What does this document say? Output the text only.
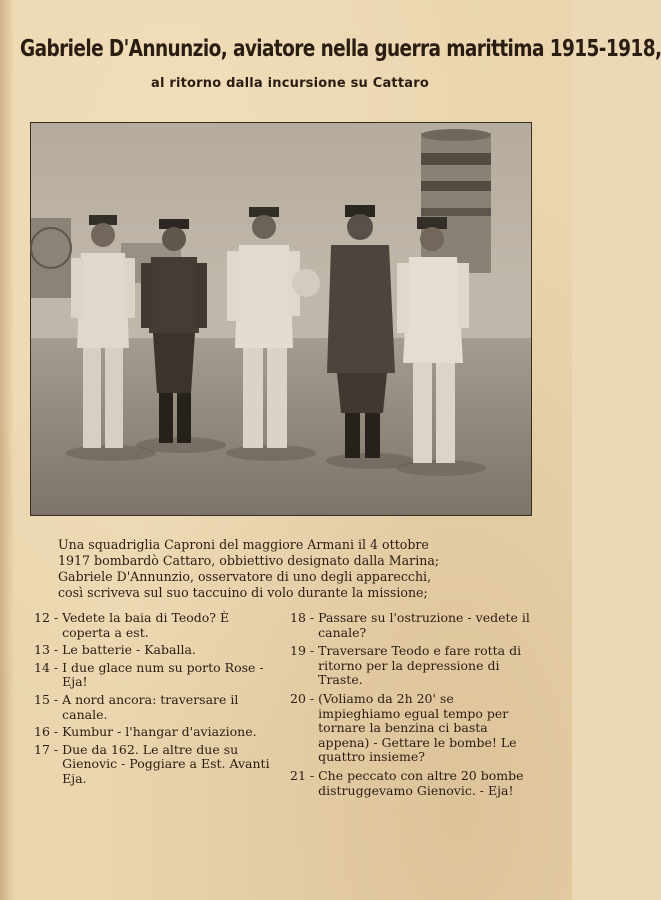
Gabriele D'Annunzio, aviatore nella guerra marittima 1915-1918,
al ritorno dalla incursione su Cattaro
Una squadriglia Caproni del maggiore Armani il 4 ottobre
1917 bombardò Cattaro, obbiettivo designato dalla Marina;
Gabriele D'Annunzio, osservatore di uno degli apparecchi,
così scriveva sul suo taccuino di volo durante la missione;
12 - Vedete la baia di Teodo? È coperta a est.
13 - Le batterie - Kaballa.
14 - I due glace num su porto Rose - Eja!
15 - A nord ancora: traversare il canale.
16 - Kumbur - l'hangar d'aviazione.
17 - Due da 162. Le altre due su Gienovic - Poggiare a Est. Avanti Eja.
18 - Passare su l'ostruzione - vedete il canale?
19 - Traversare Teodo e fare rotta di ritorno per la depressione di Traste.
20 - (Voliamo da 2h 20' se impieghiamo egual tempo per tornare la benzina ci basta appena) - Gettare le bombe! Le quattro insieme?
21 - Che peccato con altre 20 bombe distruggevamo Gienovic. - Eja!
